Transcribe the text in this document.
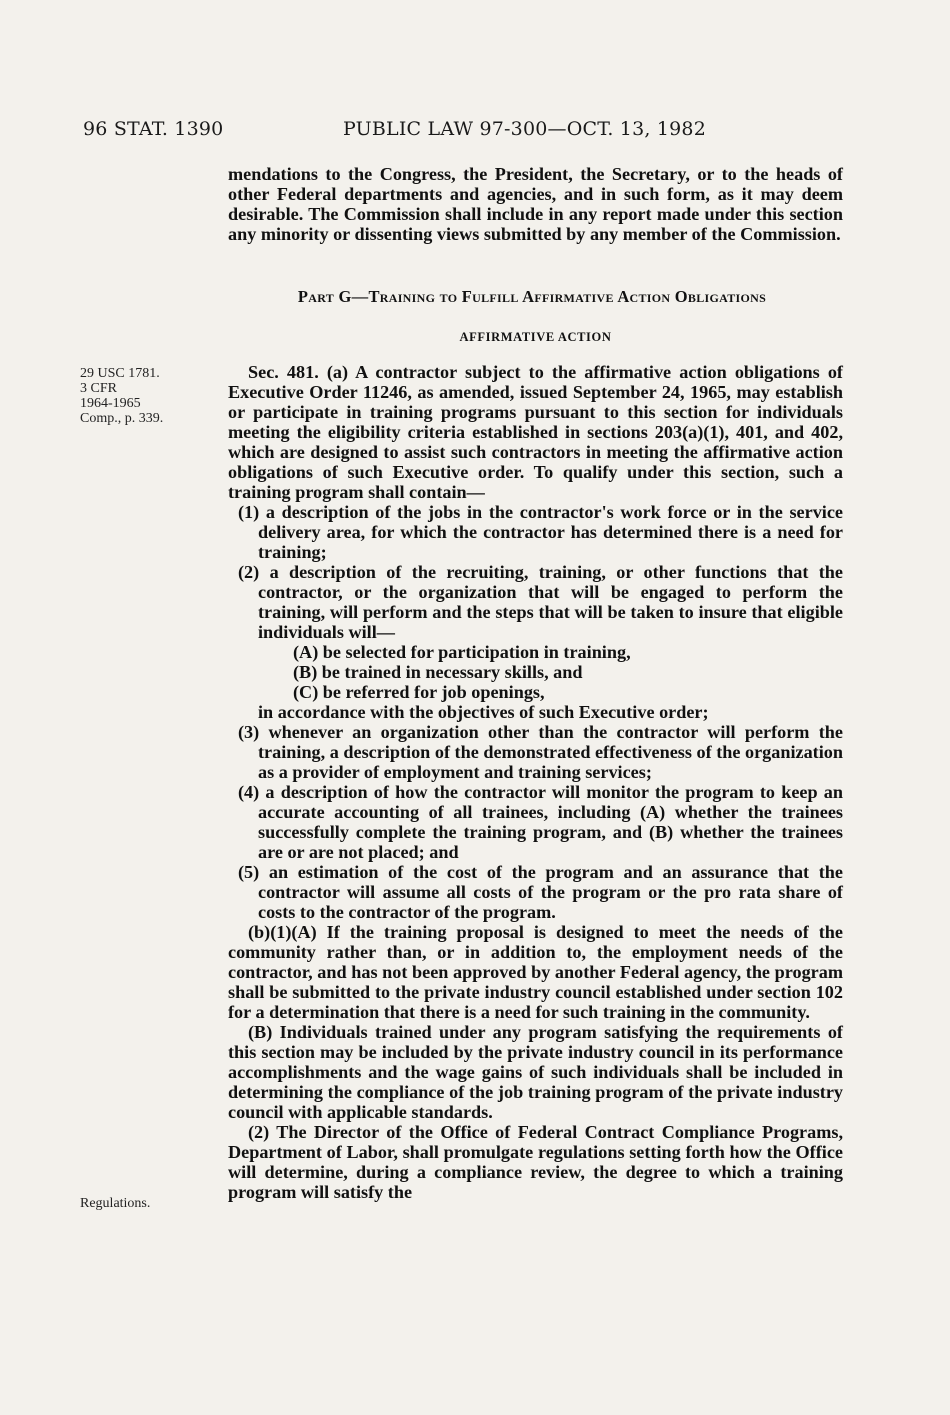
96 STAT. 1390	PUBLIC LAW 97-300—OCT. 13, 1982

mendations to the Congress, the President, the Secretary, or to the heads of other Federal departments and agencies, and in such form, as it may deem desirable. The Commission shall include in any report made under this section any minority or dissenting views submitted by any member of the Commission.

Part G—Training to Fulfill Affirmative Action Obligations
AFFIRMATIVE ACTION
29 USC 1781.
3 CFR
1964-1965
Comp., p. 339.
Regulations.

Sec. 481. (a) A contractor subject to the affirmative action obligations of Executive Order 11246, as amended, issued September 24, 1965, may establish or participate in training programs pursuant to this section for individuals meeting the eligibility criteria established in sections 203(a)(1), 401, and 402, which are designed to assist such contractors in meeting the affirmative action obligations of such Executive order. To qualify under this section, such a training program shall contain—

(1) a description of the jobs in the contractor's work force or in the service delivery area, for which the contractor has determined there is a need for training;

(2) a description of the recruiting, training, or other functions that the contractor, or the organization that will be engaged to perform the training, will perform and the steps that will be taken to insure that eligible individuals will—

(A) be selected for participation in training,

(B) be trained in necessary skills, and

(C) be referred for job openings,

in accordance with the objectives of such Executive order;

(3) whenever an organization other than the contractor will perform the training, a description of the demonstrated effectiveness of the organization as a provider of employment and training services;

(4) a description of how the contractor will monitor the program to keep an accurate accounting of all trainees, including (A) whether the trainees successfully complete the training program, and (B) whether the trainees are or are not placed; and

(5) an estimation of the cost of the program and an assurance that the contractor will assume all costs of the program or the pro rata share of costs to the contractor of the program.

(b)(1)(A) If the training proposal is designed to meet the needs of the community rather than, or in addition to, the employment needs of the contractor, and has not been approved by another Federal agency, the program shall be submitted to the private industry council established under section 102 for a determination that there is a need for such training in the community.

(B) Individuals trained under any program satisfying the requirements of this section may be included by the private industry council in its performance accomplishments and the wage gains of such individuals shall be included in determining the compliance of the job training program of the private industry council with applicable standards.

(2) The Director of the Office of Federal Contract Compliance Programs, Department of Labor, shall promulgate regulations setting forth how the Office will determine, during a compliance review, the degree to which a training program will satisfy the
